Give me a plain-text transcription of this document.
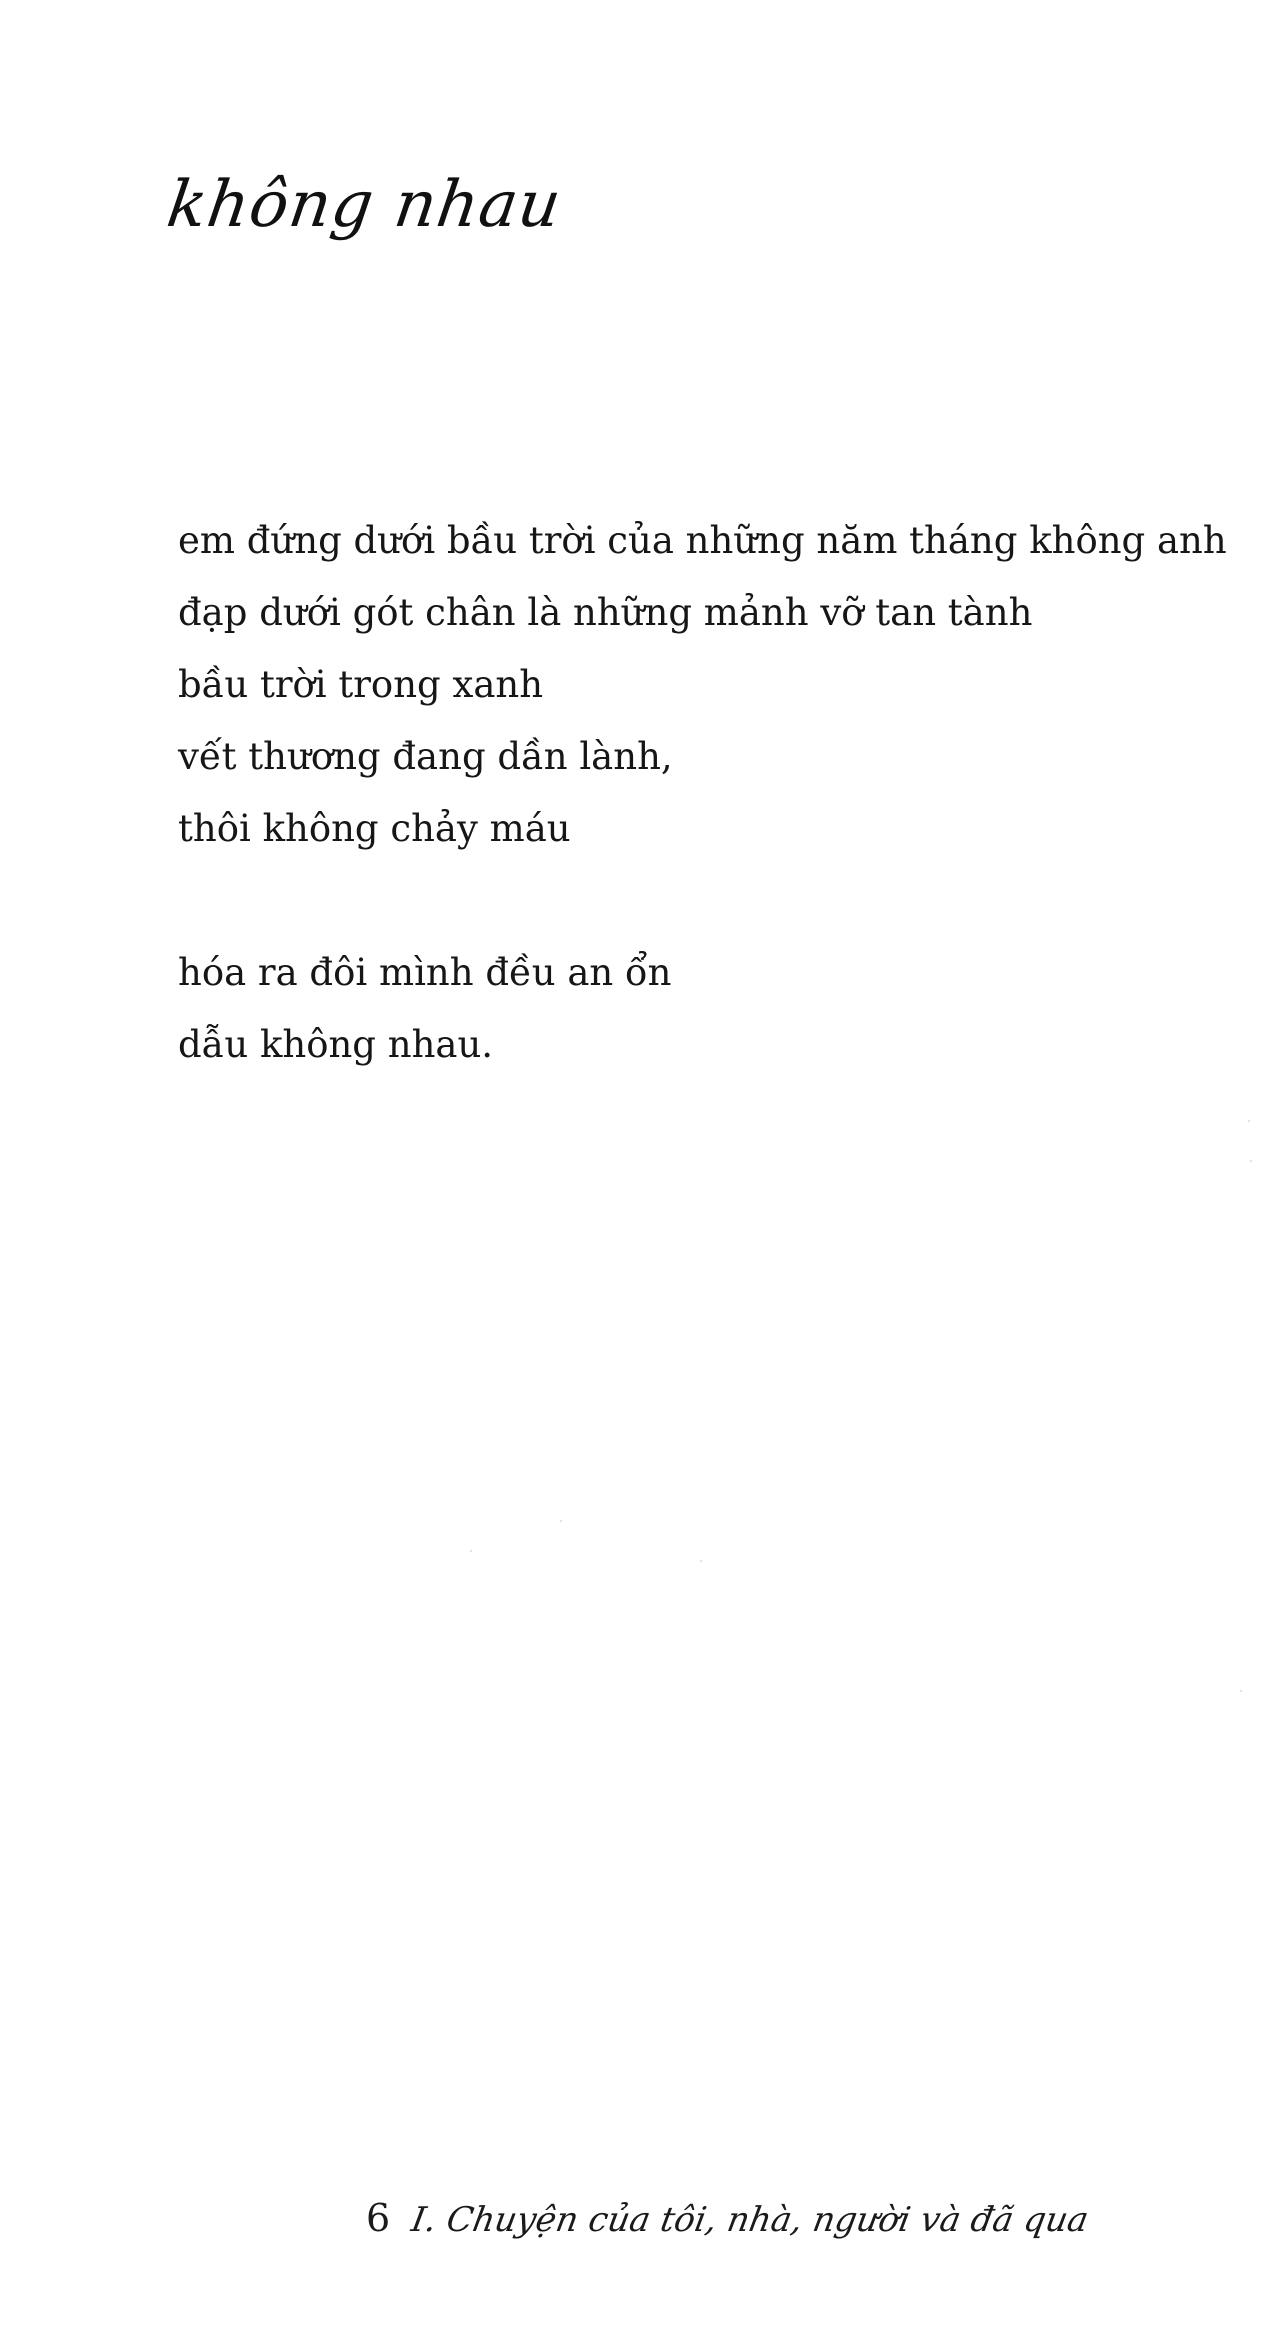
không nhau
em đứng dưới bầu trời của những năm tháng không anh
đạp dưới gót chân là những mảnh vỡ tan tành
bầu trời trong xanh
vết thương đang dần lành,
thôi không chảy máu
hóa ra đôi mình đều an ổn
dẫu không nhau.
6 I. Chuyện của tôi, nhà, người và đã qua
